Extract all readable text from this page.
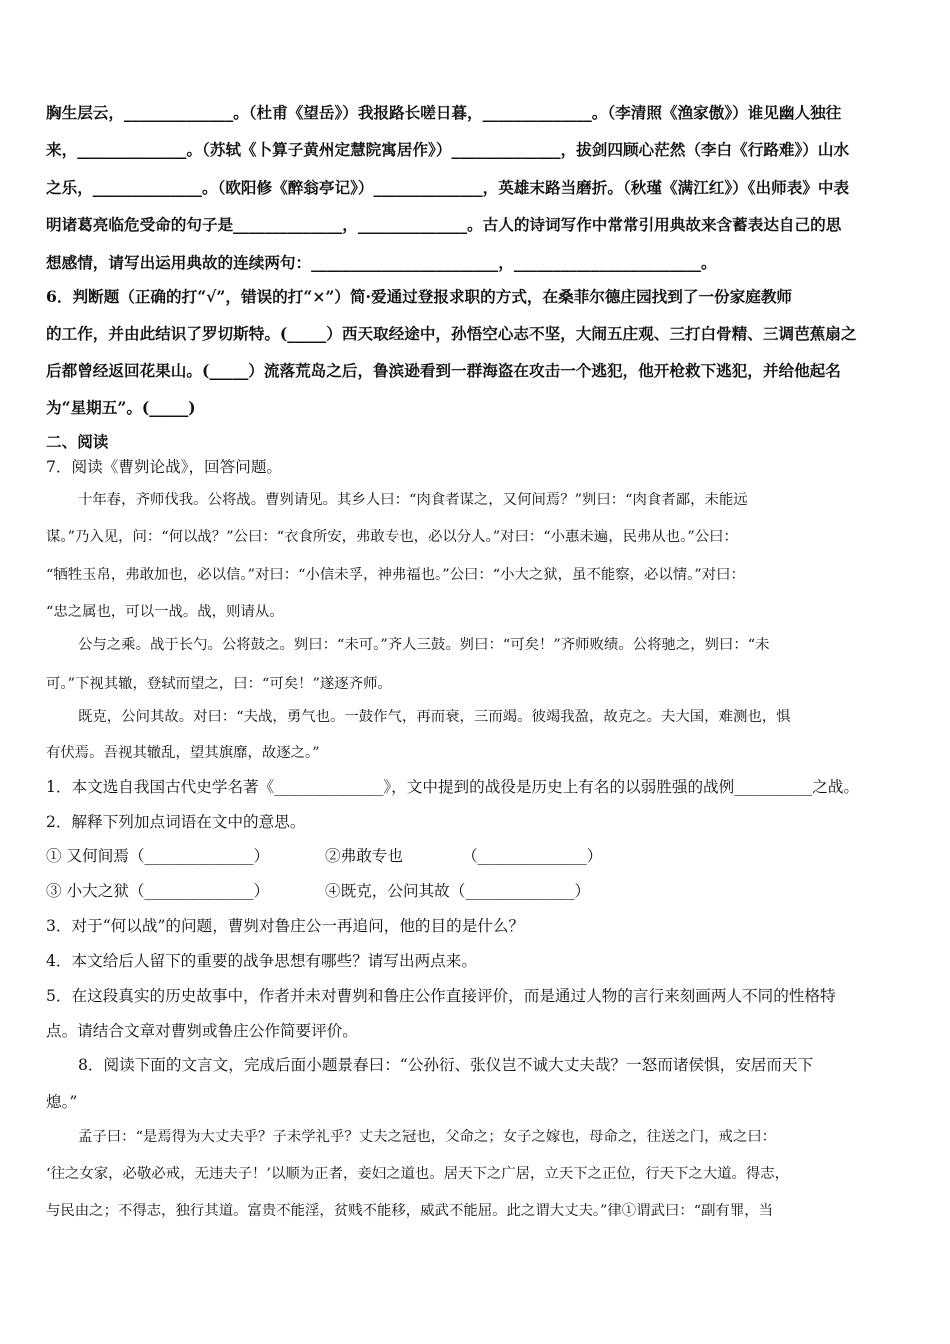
胸生层云，______________。（杜甫《望岳》）我报路长嗟日暮，______________。（李清照《渔家傲》）谁见幽人独往
来，______________。（苏轼《卜算子黄州定慧院寓居作》）______________，拔剑四顾心茫然（李白《行路难》）山水
之乐，______________。（欧阳修《醉翁亭记》）______________，英雄末路当磨折。（秋瑾《满江红》）《出师表》中表
明诸葛亮临危受命的句子是______________，______________。古人的诗词写作中常常引用典故来含蓄表达自己的思
想感情，请写出运用典故的连续两句：________________________，________________________。
6．判断题（正确的打“√”，错误的打“×”）简·爱通过登报求职的方式，在桑菲尔德庄园找到了一份家庭教师
的工作，并由此结识了罗切斯特。(_____）西天取经途中，孙悟空心志不坚，大闹五庄观、三打白骨精、三调芭蕉扇之
后都曾经返回花果山。(_____）流落荒岛之后，鲁滨逊看到一群海盗在攻击一个逃犯，他开枪救下逃犯，并给他起名
为“星期五”。(_____)
二、阅读
7．阅读《曹刿论战》，回答问题。
十年春，齐师伐我。公将战。曹刿请见。其乡人曰：“肉食者谋之，又何间焉？”刿曰：“肉食者鄙，未能远
谋。”乃入见，问：“何以战？”公曰：“衣食所安，弗敢专也，必以分人。”对曰：“小惠未遍，民弗从也。”公曰：
“牺牲玉帛，弗敢加也，必以信。”对曰：“小信未孚，神弗福也。”公曰：“小大之狱，虽不能察，必以情。”对曰：
“忠之属也，可以一战。战，则请从。
公与之乘。战于长勺。公将鼓之。刿曰：“未可。”齐人三鼓。刿曰：“可矣！”齐师败绩。公将驰之，刿曰：“未
可。”下视其辙，登轼而望之，曰：“可矣！”遂逐齐师。
既克，公问其故。对曰：“夫战，勇气也。一鼓作气，再而衰，三而竭。彼竭我盈，故克之。夫大国，难测也，惧
有伏焉。吾视其辙乱，望其旗靡，故逐之。”
1．本文选自我国古代史学名著《______________》，文中提到的战役是历史上有名的以弱胜强的战例__________之战。
2．解释下列加点词语在文中的意思。
① 又何间焉（______________）	②弗敢专也	（______________）
③ 小大之狱（______________）	④既克，公问其故（______________）
3．对于“何以战”的问题，曹刿对鲁庄公一再追问，他的目的是什么？
4．本文给后人留下的重要的战争思想有哪些？请写出两点来。
5．在这段真实的历史故事中，作者并未对曹刿和鲁庄公作直接评价，而是通过人物的言行来刻画两人不同的性格特
点。请结合文章对曹刿或鲁庄公作简要评价。
8．阅读下面的文言文，完成后面小题景春曰：“公孙衍、张仪岂不诚大丈夫哉？一怒而诸侯惧，安居而天下
熄。”
孟子曰：“是焉得为大丈夫乎？子未学礼乎？丈夫之冠也，父命之；女子之嫁也，母命之，往送之门，戒之曰：
‘往之女家，必敬必戒，无违夫子！’以顺为正者，妾妇之道也。居天下之广居，立天下之正位，行天下之大道。得志，
与民由之；不得志，独行其道。富贵不能淫，贫贱不能移，威武不能屈。此之谓大丈夫。”律①谓武曰：“副有罪，当
